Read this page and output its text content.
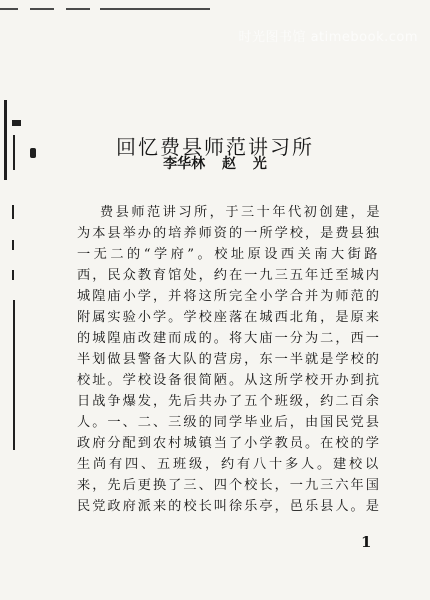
时光图书馆 atimebook.com
回忆费县师范讲习所
李华林 赵 光
费县师范讲习所，于三十年代初创建，是
为本县举办的培养师资的一所学校，是费县独
一无二的“学府”。校址原设西关南大街路
西，民众教育馆处，约在一九三五年迁至城内
城隍庙小学，并将这所完全小学合并为师范的
附属实验小学。学校座落在城西北角，是原来
的城隍庙改建而成的。将大庙一分为二，西一
半划做县警备大队的营房，东一半就是学校的
校址。学校设备很简陋。从这所学校开办到抗
日战争爆发，先后共办了五个班级，约二百余
人。一、二、三级的同学毕业后，由国民党县
政府分配到农村城镇当了小学教员。在校的学
生尚有四、五班级，约有八十多人。建校以
来，先后更换了三、四个校长，一九三六年国
民党政府派来的校长叫徐乐亭，邑乐县人。是
1
